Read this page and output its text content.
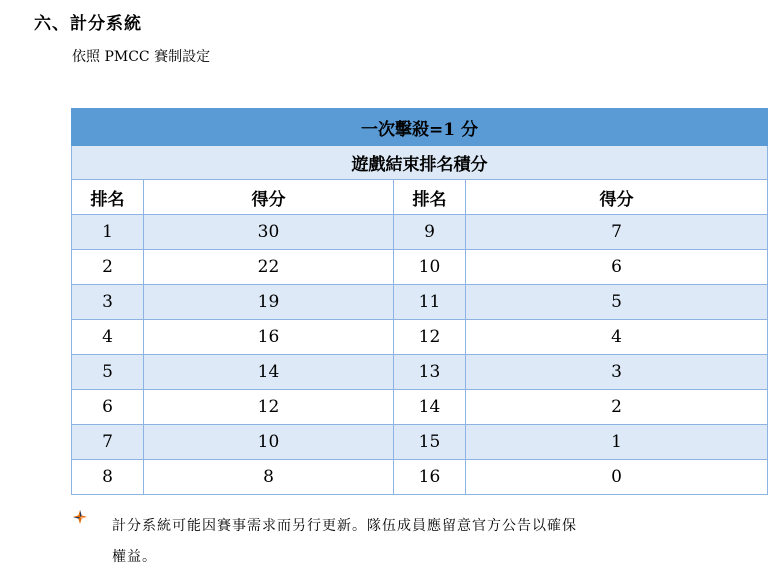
六、計分系統
依照 PMCC 賽制設定
一次擊殺=1 分			
遊戲結束排名積分			
排名	得分	排名	得分
1	30	9	7
2	22	10	6
3	19	11	5
4	16	12	4
5	14	13	3
6	12	14	2
7	10	15	1
8	8	16	0
計分系統可能因賽事需求而另行更新。隊伍成員應留意官方公告以確保
權益。
